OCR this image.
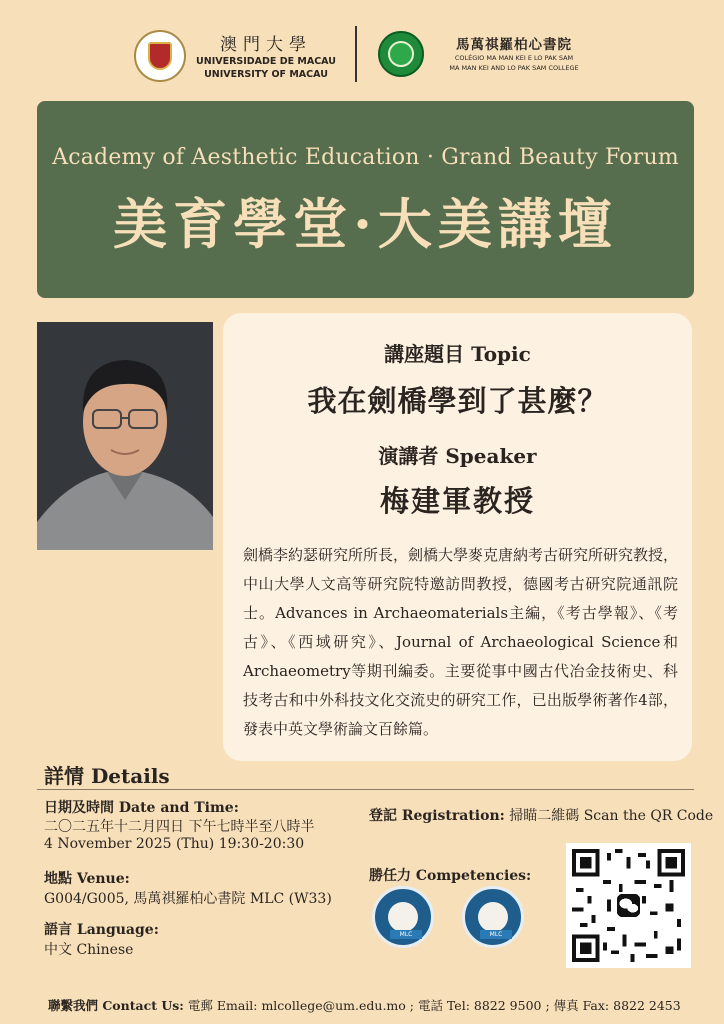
澳門大學
UNIVERSIDADE DE MACAU
UNIVERSITY OF MACAU
馬萬祺羅柏心書院
COLÉGIO MA MAN KEI E LO PAK SAM
MA MAN KEI AND LO PAK SAM COLLEGE
Academy of Aesthetic Education · Grand Beauty Forum
美育學堂·大美講壇
講座題目 Topic
我在劍橋學到了甚麼？
演講者 Speaker
梅建軍教授
劍橋李約瑟研究所所長，劍橋大學麥克唐納考古研究所研究教授，中山大學人文高等研究院特邀訪問教授，德國考古研究院通訊院士。Advances in Archaeomaterials主編，《考古學報》、《考古》、《西域研究》、Journal of Archaeological Science和Archaeometry等期刊編委。主要從事中國古代冶金技術史、科技考古和中外科技文化交流史的研究工作，已出版學術著作4部，發表中英文學術論文百餘篇。
詳情 Details
日期及時間 Date and Time:
二〇二五年十二月四日 下午七時半至八時半
4 November 2025 (Thu) 19:30-20:30
地點 Venue:
G004/G005, 馬萬祺羅柏心書院 MLC (W33)
語言 Language:
中文 Chinese
登記 Registration: 掃瞄二維碼 Scan the QR Code
勝任力 Competencies:
MLC	MLC
聯繫我們 Contact Us: 電郵 Email: mlcollege@um.edu.mo ; 電話 Tel: 8822 9500 ; 傳真 Fax: 8822 2453
